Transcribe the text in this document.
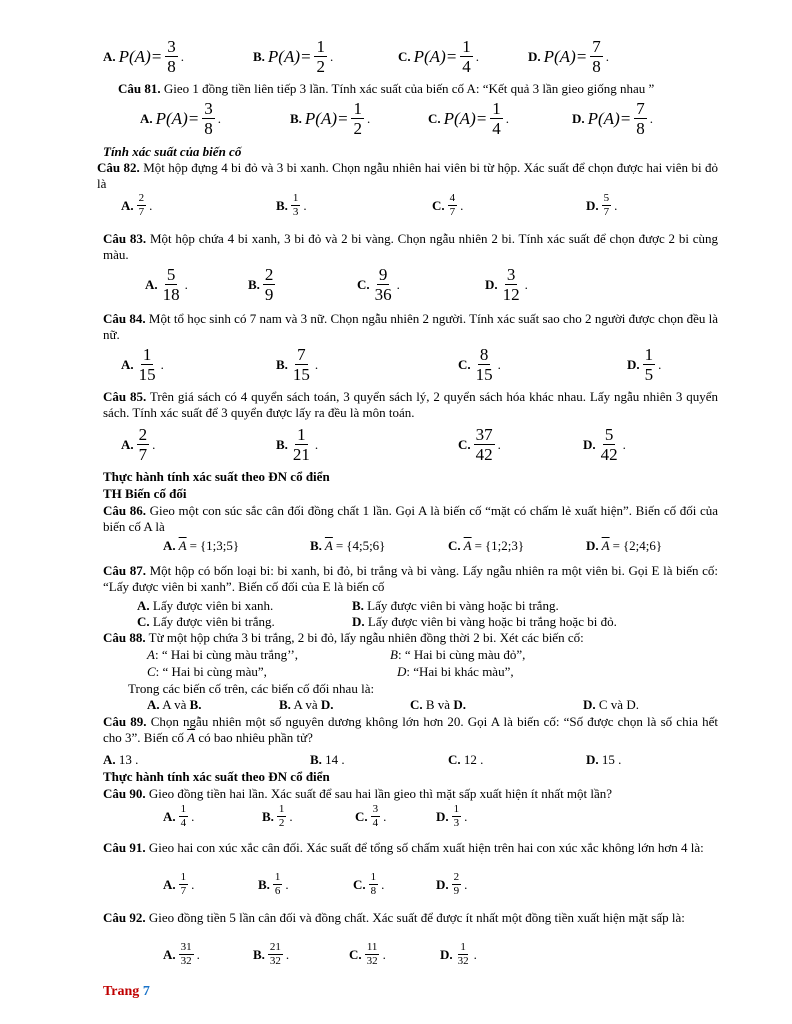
A. $P(A)= \frac{3}{8}$ .	B. $P(A)= \frac{1}{2}$ .	C. $P(A)= \frac{1}{4}$ .	D. $P(A)= \frac{7}{8}$ .
Câu 81. Gieo 1 đồng tiền liên tiếp 3 lần. Tính xác suất của biến cố A: “Kết quả 3 lần gieo giống nhau ”
A. $P(A)= \frac{3}{8}$ .	B. $P(A)= \frac{1}{2}$ .	C. $P(A)= \frac{1}{4}$ .	D. $P(A)= \frac{7}{8}$ .
Tính xác suất của biến cố
Câu 82. Một hộp đựng 4 bi đỏ và 3 bi xanh. Chọn ngẫu nhiên hai viên bi từ hộp. Xác suất để chọn được hai viên bi đỏ là
A. $\frac{2}{7}$ .	B. $\frac{1}{3}$ .	C. $\frac{4}{7}$ .	D. $\frac{5}{7}$ .
Câu 83. Một hộp chứa 4 bi xanh, 3 bi đỏ và 2 bi vàng. Chọn ngẫu nhiên 2 bi. Tính xác suất để chọn được 2 bi cùng màu.
A. $\frac{5}{18}$ .	B. $\frac{2}{9}$	C. $\frac{9}{36}$ .	D. $\frac{3}{12}$ .
Câu 84. Một tổ học sinh có 7 nam và 3 nữ. Chọn ngẫu nhiên 2 người. Tính xác suất sao cho 2 người được chọn đều là nữ.
A. $\frac{1}{15}$ .	B. $\frac{7}{15}$ .	C. $\frac{8}{15}$ .	D. $\frac{1}{5}$ .
Câu 85. Trên giá sách có 4 quyển sách toán, 3 quyển sách lý, 2 quyển sách hóa khác nhau. Lấy ngẫu nhiên 3 quyển sách. Tính xác suất để 3 quyển được lấy ra đều là môn toán.
A. $\frac{2}{7}$ .	B. $\frac{1}{21}$ .	C. $\frac{37}{42}$ .	D. $\frac{5}{42}$ .
Thực hành tính xác suất theo ĐN cổ điển
TH Biến cố đối
Câu 86. Gieo một con súc sắc cân đối đồng chất 1 lần. Gọi A là biến cố “mặt có chấm lẻ xuất hiện”. Biến cố đối của biến cố A là
A. $\overline{A}$ = {1;3;5}	B. $\overline{A}$ = {4;5;6}	C. $\overline{A}$ = {1;2;3}	D. $\overline{A}$ = {2;4;6}
Câu 87. Một hộp có bốn loại bi: bi xanh, bi đỏ, bi trắng và bi vàng. Lấy ngẫu nhiên ra một viên bi. Gọi E là biến cố: “Lấy được viên bi xanh”. Biến cố đối của E là biến cố
A. Lấy được viên bi xanh.	B. Lấy được viên bi vàng hoặc bi trắng.
C. Lấy được viên bi trắng.	D. Lấy được viên bi vàng hoặc bi trắng hoặc bi đỏ.
Câu 88. Từ một hộp chứa 3 bi trắng, 2 bi đỏ, lấy ngẫu nhiên đồng thời 2 bi. Xét các biến cố:
A: “ Hai bi cùng màu trắng’’,	B: “ Hai bi cùng màu đỏ”,
C: “ Hai bi cùng màu”,	D: “Hai bi khác màu”,
Trong các biến cố trên, các biến cố đối nhau là:
A. A và B.	B. A và D.	C. B và D.	D. C và D.
Câu 89. Chọn ngẫu nhiên một số nguyên dương không lớn hơn 20. Gọi A là biến cố: “Số được chọn là số chia hết cho 3”. Biến cố $\overline{A}$ có bao nhiêu phần tử?
A. 13 .	B. 14 .	C. 12 .	D. 15 .
Thực hành tính xác suất theo ĐN cổ điển
Câu 90. Gieo đồng tiền hai lần. Xác suất để sau hai lần gieo thì mặt sấp xuất hiện ít nhất một lần?
A. $\frac{1}{4}$ .	B. $\frac{1}{2}$ .	C. $\frac{3}{4}$ .	D. $\frac{1}{3}$ .
Câu 91. Gieo hai con xúc xắc cân đối. Xác suất để tổng số chấm xuất hiện trên hai con xúc xắc không lớn hơn 4 là:
A. $\frac{1}{7}$ .	B. $\frac{1}{6}$ .	C. $\frac{1}{8}$ .	D. $\frac{2}{9}$ .
Câu 92. Gieo đồng tiền 5 lần cân đối và đồng chất. Xác suất để được ít nhất một đồng tiền xuất hiện mặt sấp là:
A. $\frac{31}{32}$ .	B. $\frac{21}{32}$ .	C. $\frac{11}{32}$ .	D. $\frac{1}{32}$ .
Trang 7
